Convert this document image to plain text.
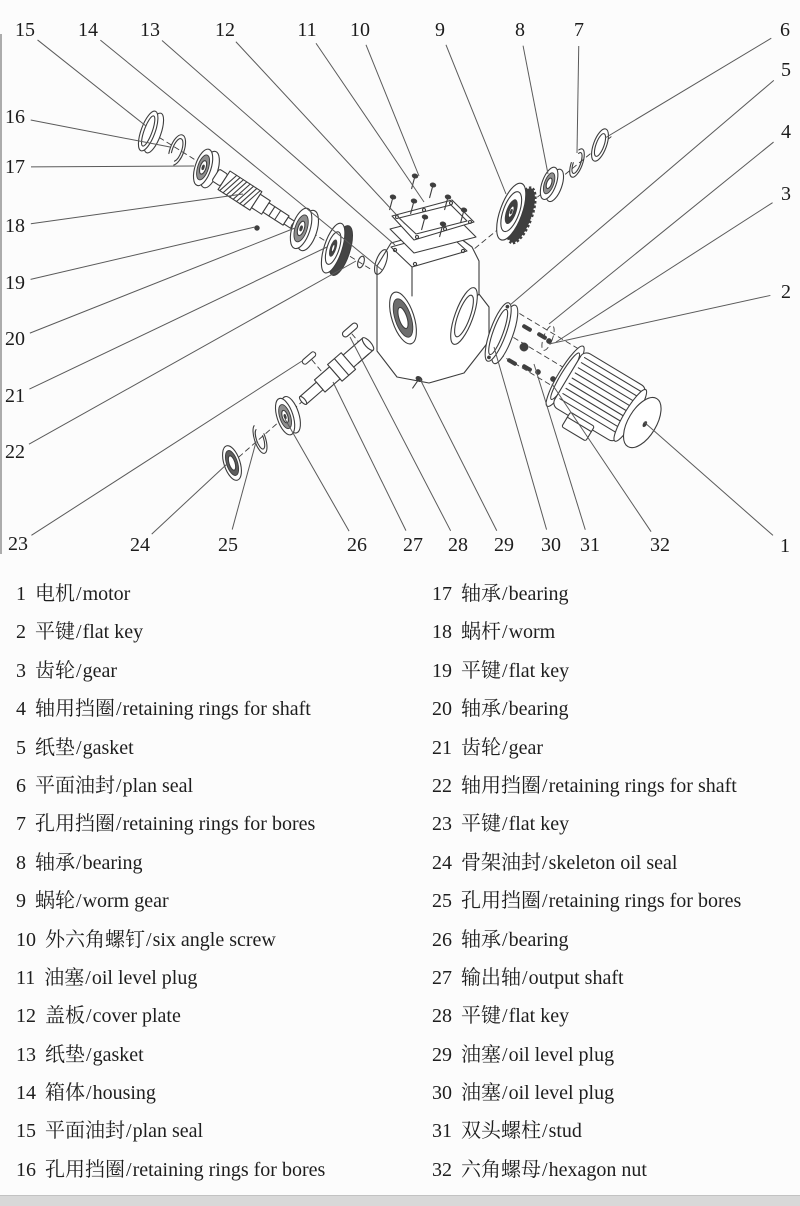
15 14 13	12	11 10	9	8 7	6
5
4
3
2
16
17
18
19
20
21
22
23	24	25	26 27 28 29 30 31	32	1
1 电机/motor
2 平键/flat key
3 齿轮/gear
4 轴用挡圈/retaining rings for shaft
5 纸垫/gasket
6 平面油封/plan seal
7 孔用挡圈/retaining rings for bores
8 轴承/bearing
9 蜗轮/worm gear
10 外六角螺钉/six angle screw
11 油塞/oil level plug
12 盖板/cover plate
13 纸垫/gasket
14 箱体/housing
15 平面油封/plan seal
16 孔用挡圈/retaining rings for bores
17 轴承/bearing
18 蜗杆/worm
19 平键/flat key
20 轴承/bearing
21 齿轮/gear
22 轴用挡圈/retaining rings for shaft
23 平键/flat key
24 骨架油封/skeleton oil seal
25 孔用挡圈/retaining rings for bores
26 轴承/bearing
27 输出轴/output shaft
28 平键/flat key
29 油塞/oil level plug
30 油塞/oil level plug
31 双头螺柱/stud
32 六角螺母/hexagon nut
